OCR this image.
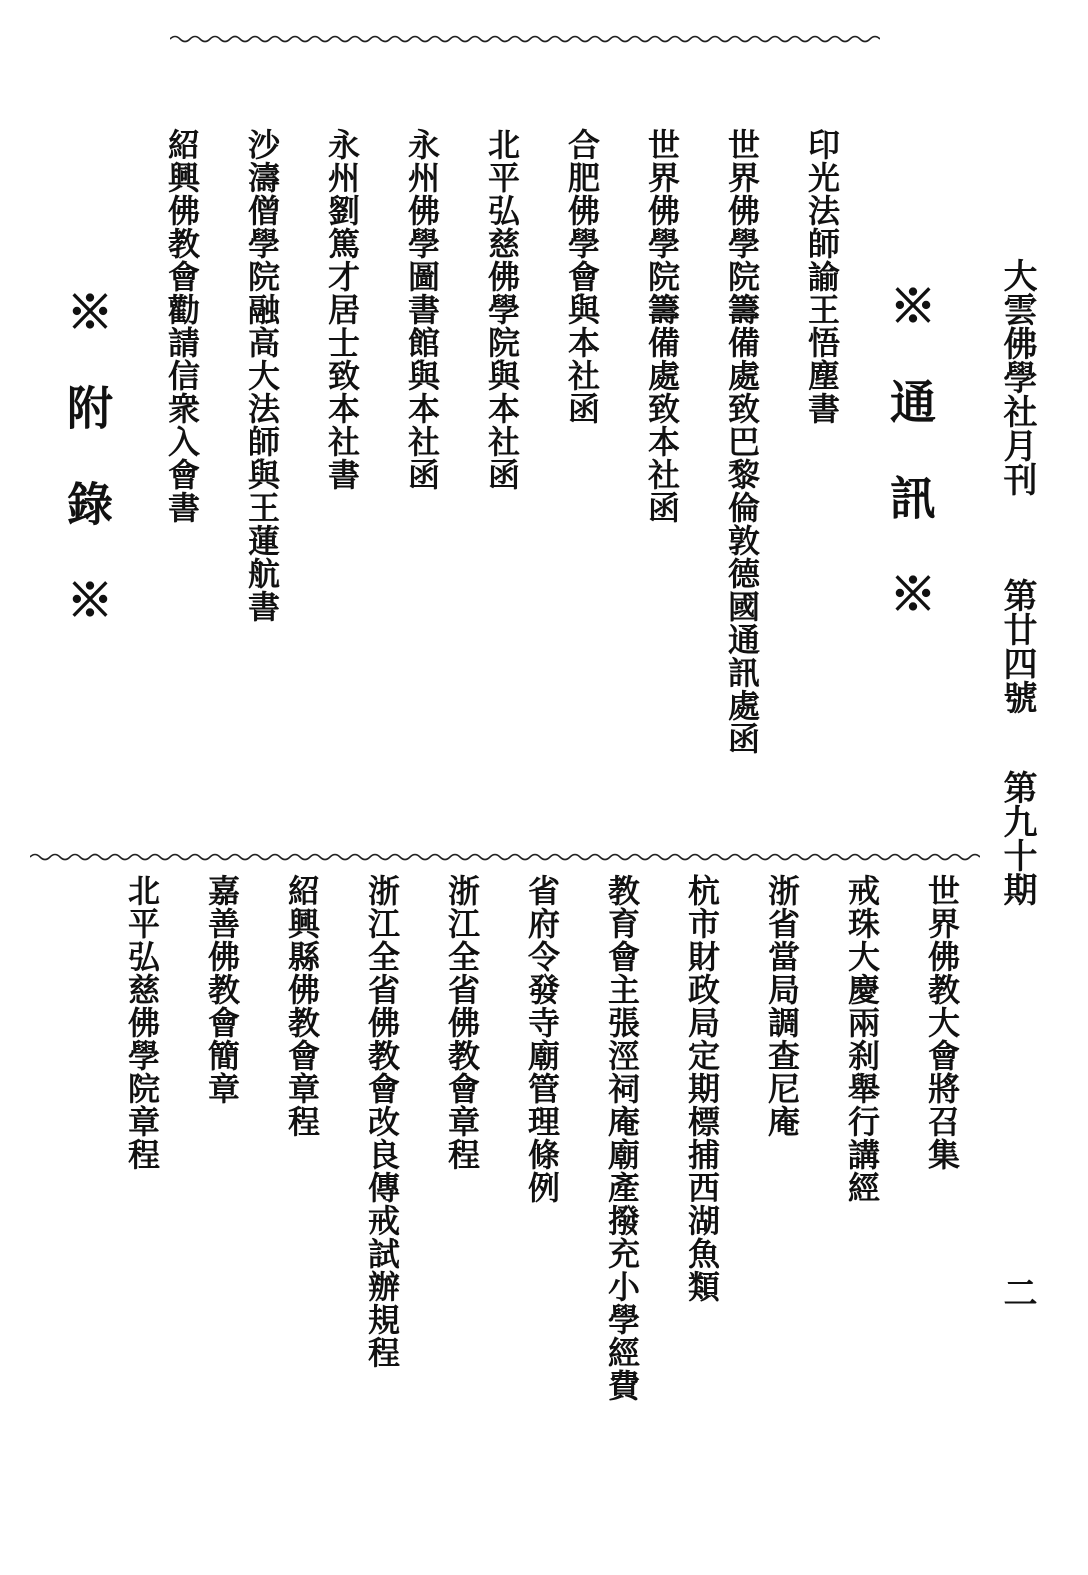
大雲佛學社月刊
第廿四號
第九十期
二
※通訊※
印光法師諭王悟塵書
世界佛學院籌備處致巴黎倫敦德國通訊處函
世界佛學院籌備處致本社函
合肥佛學會與本社函
北平弘慈佛學院與本社函
永州佛學圖書館與本社函
永州劉篤才居士致本社書
沙濤僧學院融高大法師與王蓮航書
紹興佛教會勸請信衆入會書
※附錄※
世界佛教大會將召集
戒珠大慶兩刹舉行講經
浙省當局調查尼庵
杭市財政局定期標捕西湖魚類
教育會主張涇祠庵廟產撥充小學經費
省府令發寺廟管理條例
浙江全省佛教會章程
浙江全省佛教會改良傳戒試辦規程
紹興縣佛教會章程
嘉善佛教會簡章
北平弘慈佛學院章程
